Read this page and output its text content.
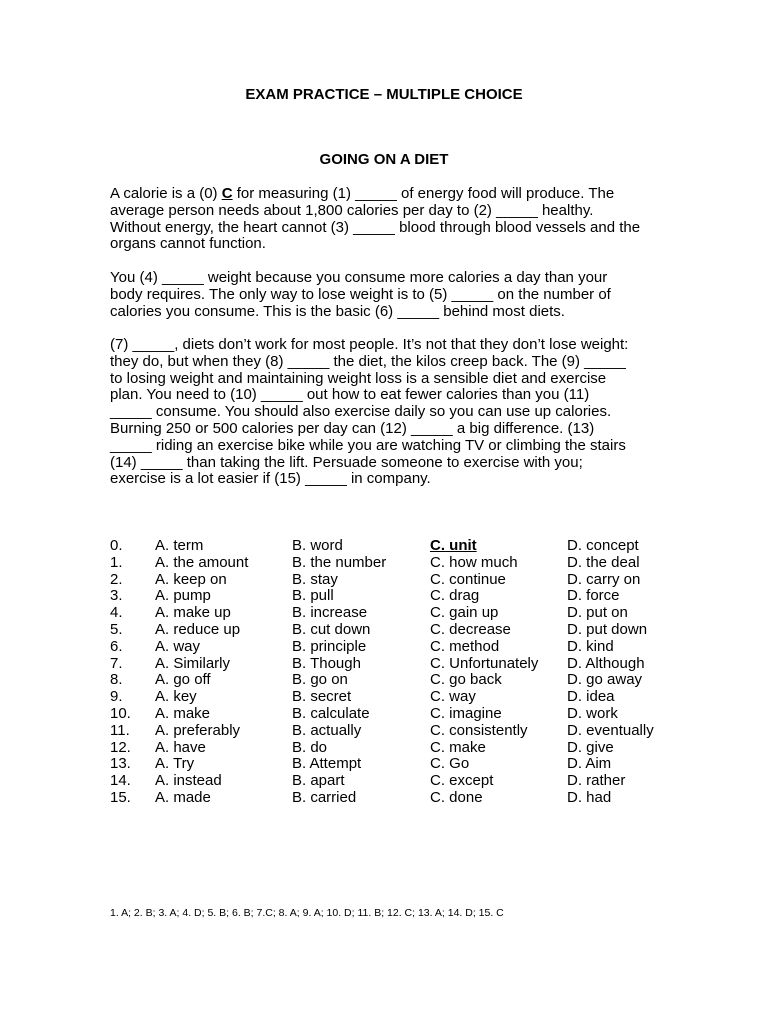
EXAM PRACTICE – MULTIPLE CHOICE
GOING ON A DIET

A calorie is a (0) C for measuring (1) _____ of energy food will produce. The

average person needs about 1,800 calories per day to (2) _____ healthy.

Without energy, the heart cannot (3) _____ blood through blood vessels and the

organs cannot function.

You (4) _____ weight because you consume more calories a day than your

body requires. The only way to lose weight is to (5) _____ on the number of

calories you consume. This is the basic (6) _____ behind most diets.

(7) _____, diets don’t work for most people. It’s not that they don’t lose weight:

they do, but when they (8) _____ the diet, the kilos creep back. The (9) _____

to losing weight and maintaining weight loss is a sensible diet and exercise

plan. You need to (10) _____ out how to eat fewer calories than you (11)

_____ consume. You should also exercise daily so you can use up calories.

Burning 250 or 500 calories per day can (12) _____ a big difference. (13)

_____ riding an exercise bike while you are watching TV or climbing the stairs

(14) _____ than taking the lift. Persuade someone to exercise with you;

exercise is a lot easier if (15) _____ in company.

0. A. term	B. word	C. unit	D. concept
1. A. the amount	B. the number	C. how much	D. the deal
2. A. keep on	B. stay	C. continue	D. carry on
3. A. pump	B. pull	C. drag	D. force
4. A. make up	B. increase	C. gain up	D. put on
5. A. reduce up	B. cut down	C. decrease	D. put down
6. A. way	B. principle	C. method	D. kind
7. A. Similarly	B. Though	C. Unfortunately D. Although
8. A. go off	B. go on	C. go back	D. go away
9. A. key	B. secret	C. way	D. idea
10. A. make	B. calculate	C. imagine	D. work
11. A. preferably	B. actually	C. consistently	D. eventually
12. A. have	B. do	C. make	D. give
13. A. Try	B. Attempt	C. Go	D. Aim
14. A. instead	B. apart	C. except	D. rather
15. A. made	B. carried	C. done	D. had
1. A; 2. B; 3. A; 4. D; 5. B; 6. B; 7.C; 8. A; 9. A; 10. D; 11. B; 12. C; 13. A; 14. D; 15. C
